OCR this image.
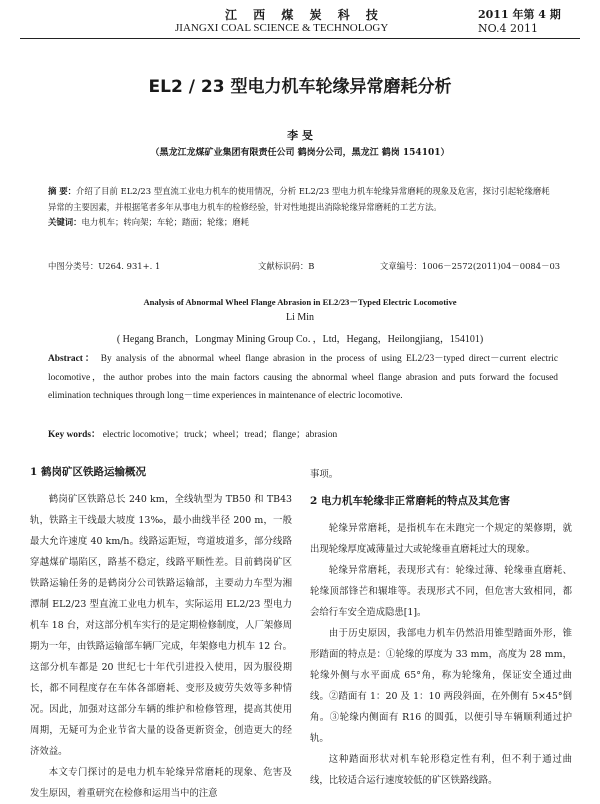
江 西 煤 炭 科 技
JIANGXI COAL SCIENCE & TECHNOLOGY
2011 年第 4 期
NO.4 2011
EL2 / 23 型电力机车轮缘异常磨耗分析
李 旻
（黑龙江龙煤矿业集团有限责任公司 鹤岗分公司，黑龙江 鹤岗 154101）
摘 要：介绍了目前 EL2/23 型直流工业电力机车的使用情况，分析 EL2/23 型电力机车轮缘异常磨耗的现象及危害，探讨引起轮缘磨耗异常的主要因素，并根据笔者多年从事电力机车的检修经验，针对性地提出消除轮缘异常磨耗的工艺方法。
关键词：电力机车；转向架；车轮；踏面；轮缘；磨耗
中图分类号：U264. 931+. 1	文献标识码：B	文章编号：1006－2572(2011)04－0084－03
Analysis of Abnormal Wheel Flange Abrasion in EL2/23－Typed Electric Locomotive
Li Min
( Hegang Branch，Longmay Mining Group Co．，Ltd，Hegang，Heilongjiang，154101)
Abstract： By analysis of the abnormal wheel flange abrasion in the process of using EL2/23－typed direct－current electric locomotive，the author probes into the main factors causing the abnormal wheel flange abrasion and puts forward the focused elimination techniques through long－time experiences in maintenance of electric locomotive.
Key words： electric locomotive；truck；wheel；tread；flange；abrasion
1 鹤岗矿区铁路运输概况

鹤岗矿区铁路总长 240 km，全线轨型为 TB50 和 TB43 轨，铁路主干线最大坡度 13‰，最小曲线半径 200 m，一般最大允许速度 40 km/h。线路运距短，弯道坡道多，部分线路穿越煤矿塌陷区，路基不稳定，线路平顺性差。目前鹤岗矿区铁路运输任务的是鹤岗分公司铁路运输部，主要动力车型为湘潭制 EL2/23 型直流工业电力机车，实际运用 EL2/23 型电力机车 18 台，对这部分机车实行的是定期检修制度，人厂架修周期为一年，由铁路运输部车辆厂完成，年架修电力机车 12 台。这部分机车都是 20 世纪七十年代引进投入使用，因为服役期长，都不同程度存在车体各部磨耗、变形及疲劳失效等多种情况。因此，加强对这部分车辆的维护和检修管理，提高其使用周期，无疑可为企业节省大量的设备更新资金，创造更大的经济效益。

本文专门探讨的是电力机车轮缘异常磨耗的现象、危害及发生原因，着重研究在检修和运用当中的注意

事项。

2 电力机车轮缘非正常磨耗的特点及其危害

轮缘异常磨耗，是指机车在未跑完一个规定的架修期，就出现轮缘厚度减薄量过大或轮缘垂直磨耗过大的现象。

轮缘异常磨耗，表现形式有：轮缘过薄、轮缘垂直磨耗、轮缘顶部锋芒和辗堆等。表现形式不同，但危害大致相同，都会给行车安全造成隐患[1]。

由于历史原因，我部电力机车仍然沿用锥型踏面外形，锥形踏面的特点是：①轮缘的厚度为 33 mm，高度为 28 mm，轮缘外侧与水平面成 65°角，称为轮缘角，保证安全通过曲线。②踏面有 1：20 及 1：10 两段斜面，在外侧有 5×45°倒角。③轮缘内侧面有 R16 的圆弧，以便引导车辆顺利通过护轨。

这种踏面形状对机车轮形稳定性有利，但不利于通过曲线，比较适合运行速度较低的矿区铁路线路。
